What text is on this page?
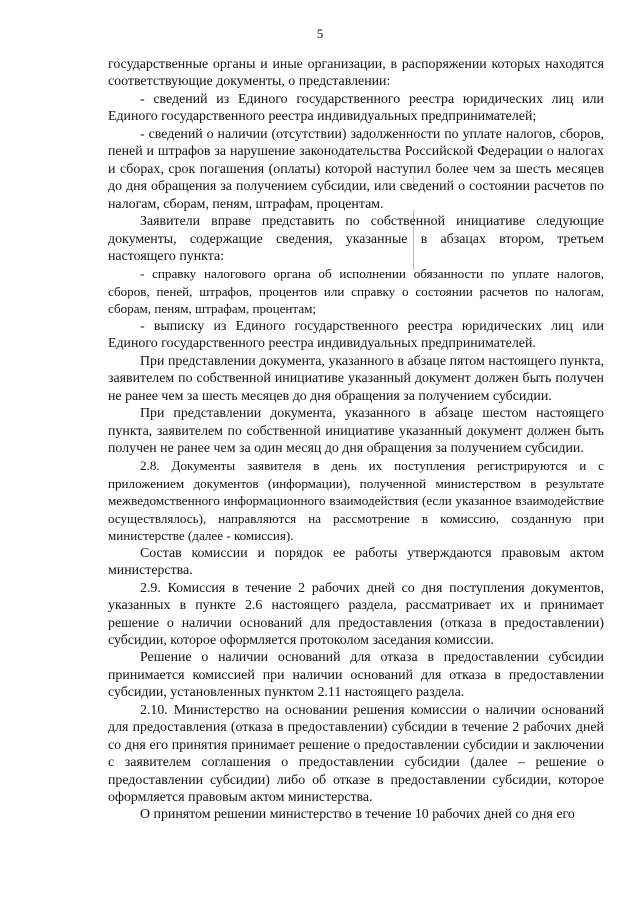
5

государственные органы и иные организации, в распоряжении которых находятся соответствующие документы, о представлении:

- сведений из Единого государственного реестра юридических лиц или Единого государственного реестра индивидуальных предпринимателей;

- сведений о наличии (отсутствии) задолженности по уплате налогов, сборов, пеней и штрафов за нарушение законодательства Российской Федерации о налогах и сборах, срок погашения (оплаты) которой наступил более чем за шесть месяцев до дня обращения за получением субсидии, или сведений о состоянии расчетов по налогам, сборам, пеням, штрафам, процентам.

Заявители вправе представить по собственной инициативе следующие документы, содержащие сведения, указанные в абзацах втором, третьем настоящего пункта:

- справку налогового органа об исполнении обязанности по уплате налогов, сборов, пеней, штрафов, процентов или справку о состоянии расчетов по налогам, сборам, пеням, штрафам, процентам;

- выписку из Единого государственного реестра юридических лиц или Единого государственного реестра индивидуальных предпринимателей.

При представлении документа, указанного в абзаце пятом настоящего пункта, заявителем по собственной инициативе указанный документ должен быть получен не ранее чем за шесть месяцев до дня обращения за получением субсидии.

При представлении документа, указанного в абзаце шестом настоящего пункта, заявителем по собственной инициативе указанный документ должен быть получен не ранее чем за один месяц до дня обращения за получением субсидии.

2.8. Документы заявителя в день их поступления регистрируются и с приложением документов (информации), полученной министерством в результате межведомственного информационного взаимодействия (если указанное взаимодействие осуществлялось), направляются на рассмотрение в комиссию, созданную при министерстве (далее - комиссия).

Состав комиссии и порядок ее работы утверждаются правовым актом министерства.

2.9. Комиссия в течение 2 рабочих дней со дня поступления документов, указанных в пункте 2.6 настоящего раздела, рассматривает их и принимает решение о наличии оснований для предоставления (отказа в предоставлении) субсидии, которое оформляется протоколом заседания комиссии.

Решение о наличии оснований для отказа в предоставлении субсидии принимается комиссией при наличии оснований для отказа в предоставлении субсидии, установленных пунктом 2.11 настоящего раздела.

2.10. Министерство на основании решения комиссии о наличии оснований для предоставления (отказа в предоставлении) субсидии в течение 2 рабочих дней со дня его принятия принимает решение о предоставлении субсидии и заключении с заявителем соглашения о предоставлении субсидии (далее – решение о предоставлении субсидии) либо об отказе в предоставлении субсидии, которое оформляется правовым актом министерства.

О принятом решении министерство в течение 10 рабочих дней со дня его
